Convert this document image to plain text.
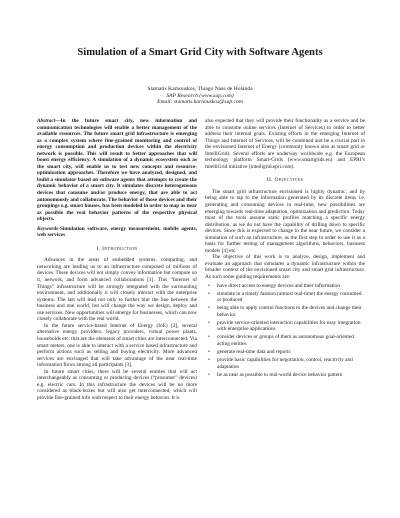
Simulation of a Smart Grid City with Software Agents
Stamatis Karnouskos, Thiago Nass de Holanda
SAP Research (www.sap.com)
Email: stamatis.karnouskos@sap.com
Abstract—In the future smart city, new information and communication technologies will enable a better management of the available resources. The future smart grid infrastructure is emerging as a complex system where fine-grained monitoring and control of energy consumption and production devices within the electricity network is possible. This will result to better approaches that will boost energy efficiency. A simulation of a dynamic ecosystem such as the smart city, will enable us to test new concepts and resource-optimization approaches. Therefore we have analyzed, designed, and build a simulator based on software agents that attempts to create the dynamic behavior of a smart city. It simulates discrete heterogeneous devices that consume and/or produce energy, that are able to act autonomously and collaborate. The behavior of those devices and their groupings e.g. smart houses, has been modeled in order to map as near as possible the real behavior patterns of the respective physical objects.
Keywords-Simulation software, energy measurement, mobile agents, web services
I. Introduction

Advances in the areas of embedded systems, computing, and networking are leading us to an infrastructure composed of millions of devices. These devices will not simply convey information but compute on it, network, and form advanced collaborations [1]. This “Internet of Things” infrastructure will be strongly integrated with the surrounding environment, and additionally it will closely interact with the enterprise systems. The last will lead not only to further blur the line between the business and real world, but will change the way we design, deploy and use services. New opportunities will emerge for businesses, which can now closely collaborate with the real world.

In the future service-based Internet of Energy (IoE) [2], several alternative energy providers, legacy providers, virtual power plants, households etc. that are the elements of smart cities are interconnected. Via smart meters, one is able to interact with a service based infrastructure and perform actions such as selling and buying electricity. More advanced services are envisaged that will take advantage of the near real-time information flows among all participants [3].

In future smart cities, there will be several entities that will act interchangeably as consuming or producing devices (“prosumer” devices) e.g. electric cars. In this infrastructure the devices will be no more considered as black-boxes but will also get interconnected, which will provide fine-grained info with respect to their energy behavior. It is

also expected that they will provide their functionality as a service and be able to consume online services (Internet of Services) in order to better address their internal goals. Existing efforts in the emerging Internet of Things and Internet of Services, will be combined and be a crucial part in the envisioned Internet of Energy (commonly known also as smart grid or IntelliGrid). Several efforts are underway worldwide e.g. the European technology platform Smart-Grids (www.smartgrids.eu) and EPRI’s IntelliGrid initiative (intelligrid.epri.com).

II. Objectives

The smart grid infrastructure envisioned is highly dynamic, and by being able to tap to the information generated by its discrete items i.e. generating and consuming devices in real-time, new possibilities are emerging towards real-time adaptation, optimization and prediction. Today most of the tools assume static profiles matching a specific energy distribution, as we do not have the capability of drilling down to specific devices. Since this is expected to change in the near future, we consider a simulation of such an infrastructure, as the first step in order to use it as a basis for further testing of management algorithms, behaviors, business models [4] etc.

The objective of this work is to analyze, design, implement and evaluate an approach that simulates a dynamic infrastructure within the broader context of the envisioned smart city and smart grid infrastructure. As such some guiding requirements are:

• have direct access to energy devices and their information
• simulate in a timely fashion (almost real-time) the energy consumed or produced
• being able to apply control functions to the devices and change their behavior
• provide service-oriented interaction capabilities for easy integration with enterprise applications
• consider devices or groups of them as autonomous goal-oriented acting entities
• generate real-time data and reports
• provide basic capabilities for negotiation, control, reactivity and adaptation
• be as near as possible to real-world device behavior pattern
